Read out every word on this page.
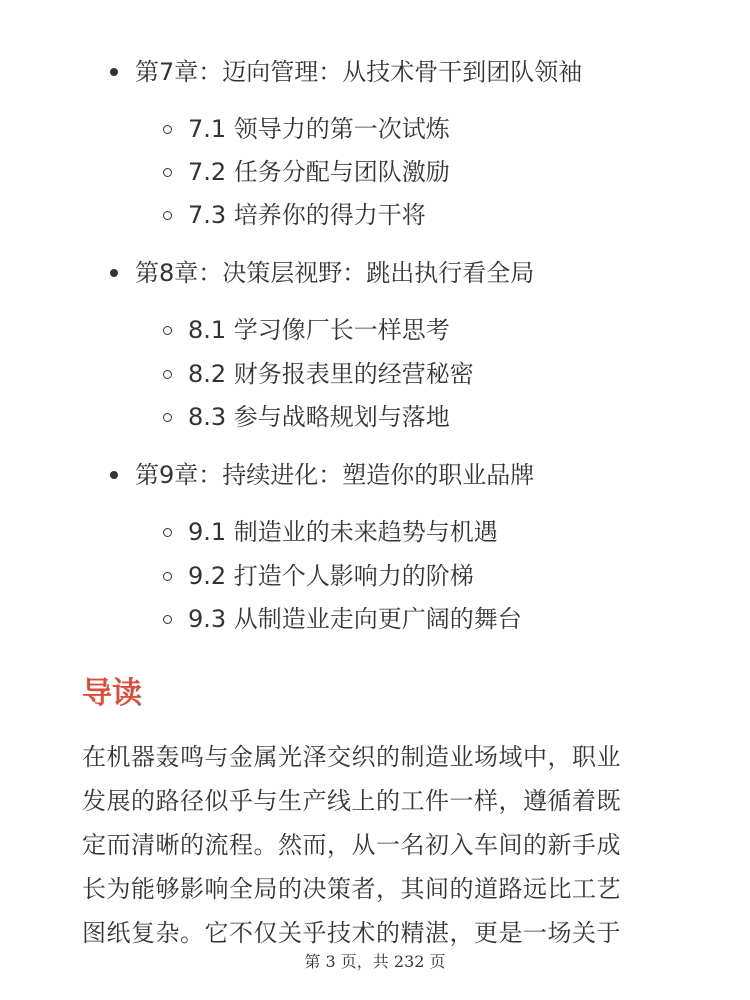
第7章：迈向管理：从技术骨干到团队领袖
7.1 领导力的第一次试炼
7.2 任务分配与团队激励
7.3 培养你的得力干将
第8章：决策层视野：跳出执行看全局
8.1 学习像厂长一样思考
8.2 财务报表里的经营秘密
8.3 参与战略规划与落地
第9章：持续进化：塑造你的职业品牌
9.1 制造业的未来趋势与机遇
9.2 打造个人影响力的阶梯
9.3 从制造业走向更广阔的舞台
导读
在机器轰鸣与金属光泽交织的制造业场域中，职业
发展的路径似乎与生产线上的工件一样，遵循着既
定而清晰的流程。然而，从一名初入车间的新手成
长为能够影响全局的决策者，其间的道路远比工艺
图纸复杂。它不仅关乎技术的精湛，更是一场关于
第 3 页，共 232 页
